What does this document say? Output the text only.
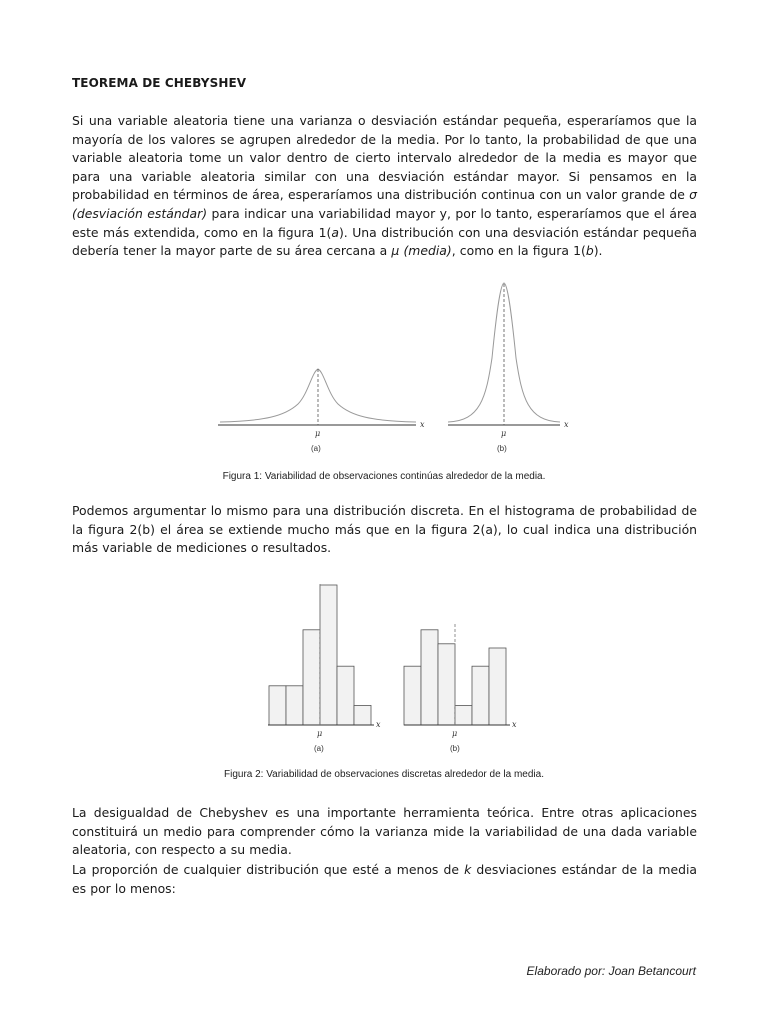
TEOREMA DE CHEBYSHEV
Si una variable aleatoria tiene una varianza o desviación estándar pequeña, esperaríamos que la mayoría de los valores se agrupen alrededor de la media. Por lo tanto, la probabilidad de que una variable aleatoria tome un valor dentro de cierto intervalo alrededor de la media es mayor que para una variable aleatoria similar con una desviación estándar mayor. Si pensamos en la probabilidad en términos de área, esperaríamos una distribución continua con un valor grande de σ (desviación estándar) para indicar una variabilidad mayor y, por lo tanto, esperaríamos que el área este más extendida, como en la figura 1(a). Una distribución con una desviación estándar pequeña debería tener la mayor parte de su área cercana a μ (media), como en la figura 1(b).
μ
(a)
x
μ
(b)
x
Figura 1: Variabilidad de observaciones continúas alrededor de la media.
Podemos argumentar lo mismo para una distribución discreta. En el histograma de probabilidad de la figura 2(b) el área se extiende mucho más que en la figura 2(a), lo cual indica una distribución más variable de mediciones o resultados.
μ
(a)
x
μ
(b)
x
Figura 2: Variabilidad de observaciones discretas alrededor de la media.
La desigualdad de Chebyshev es una importante herramienta teórica. Entre otras aplicaciones constituirá un medio para comprender cómo la varianza mide la variabilidad de una dada variable aleatoria, con respecto a su media.
La proporción de cualquier distribución que esté a menos de k desviaciones estándar de la media es por lo menos:
Elaborado por: Joan Betancourt
